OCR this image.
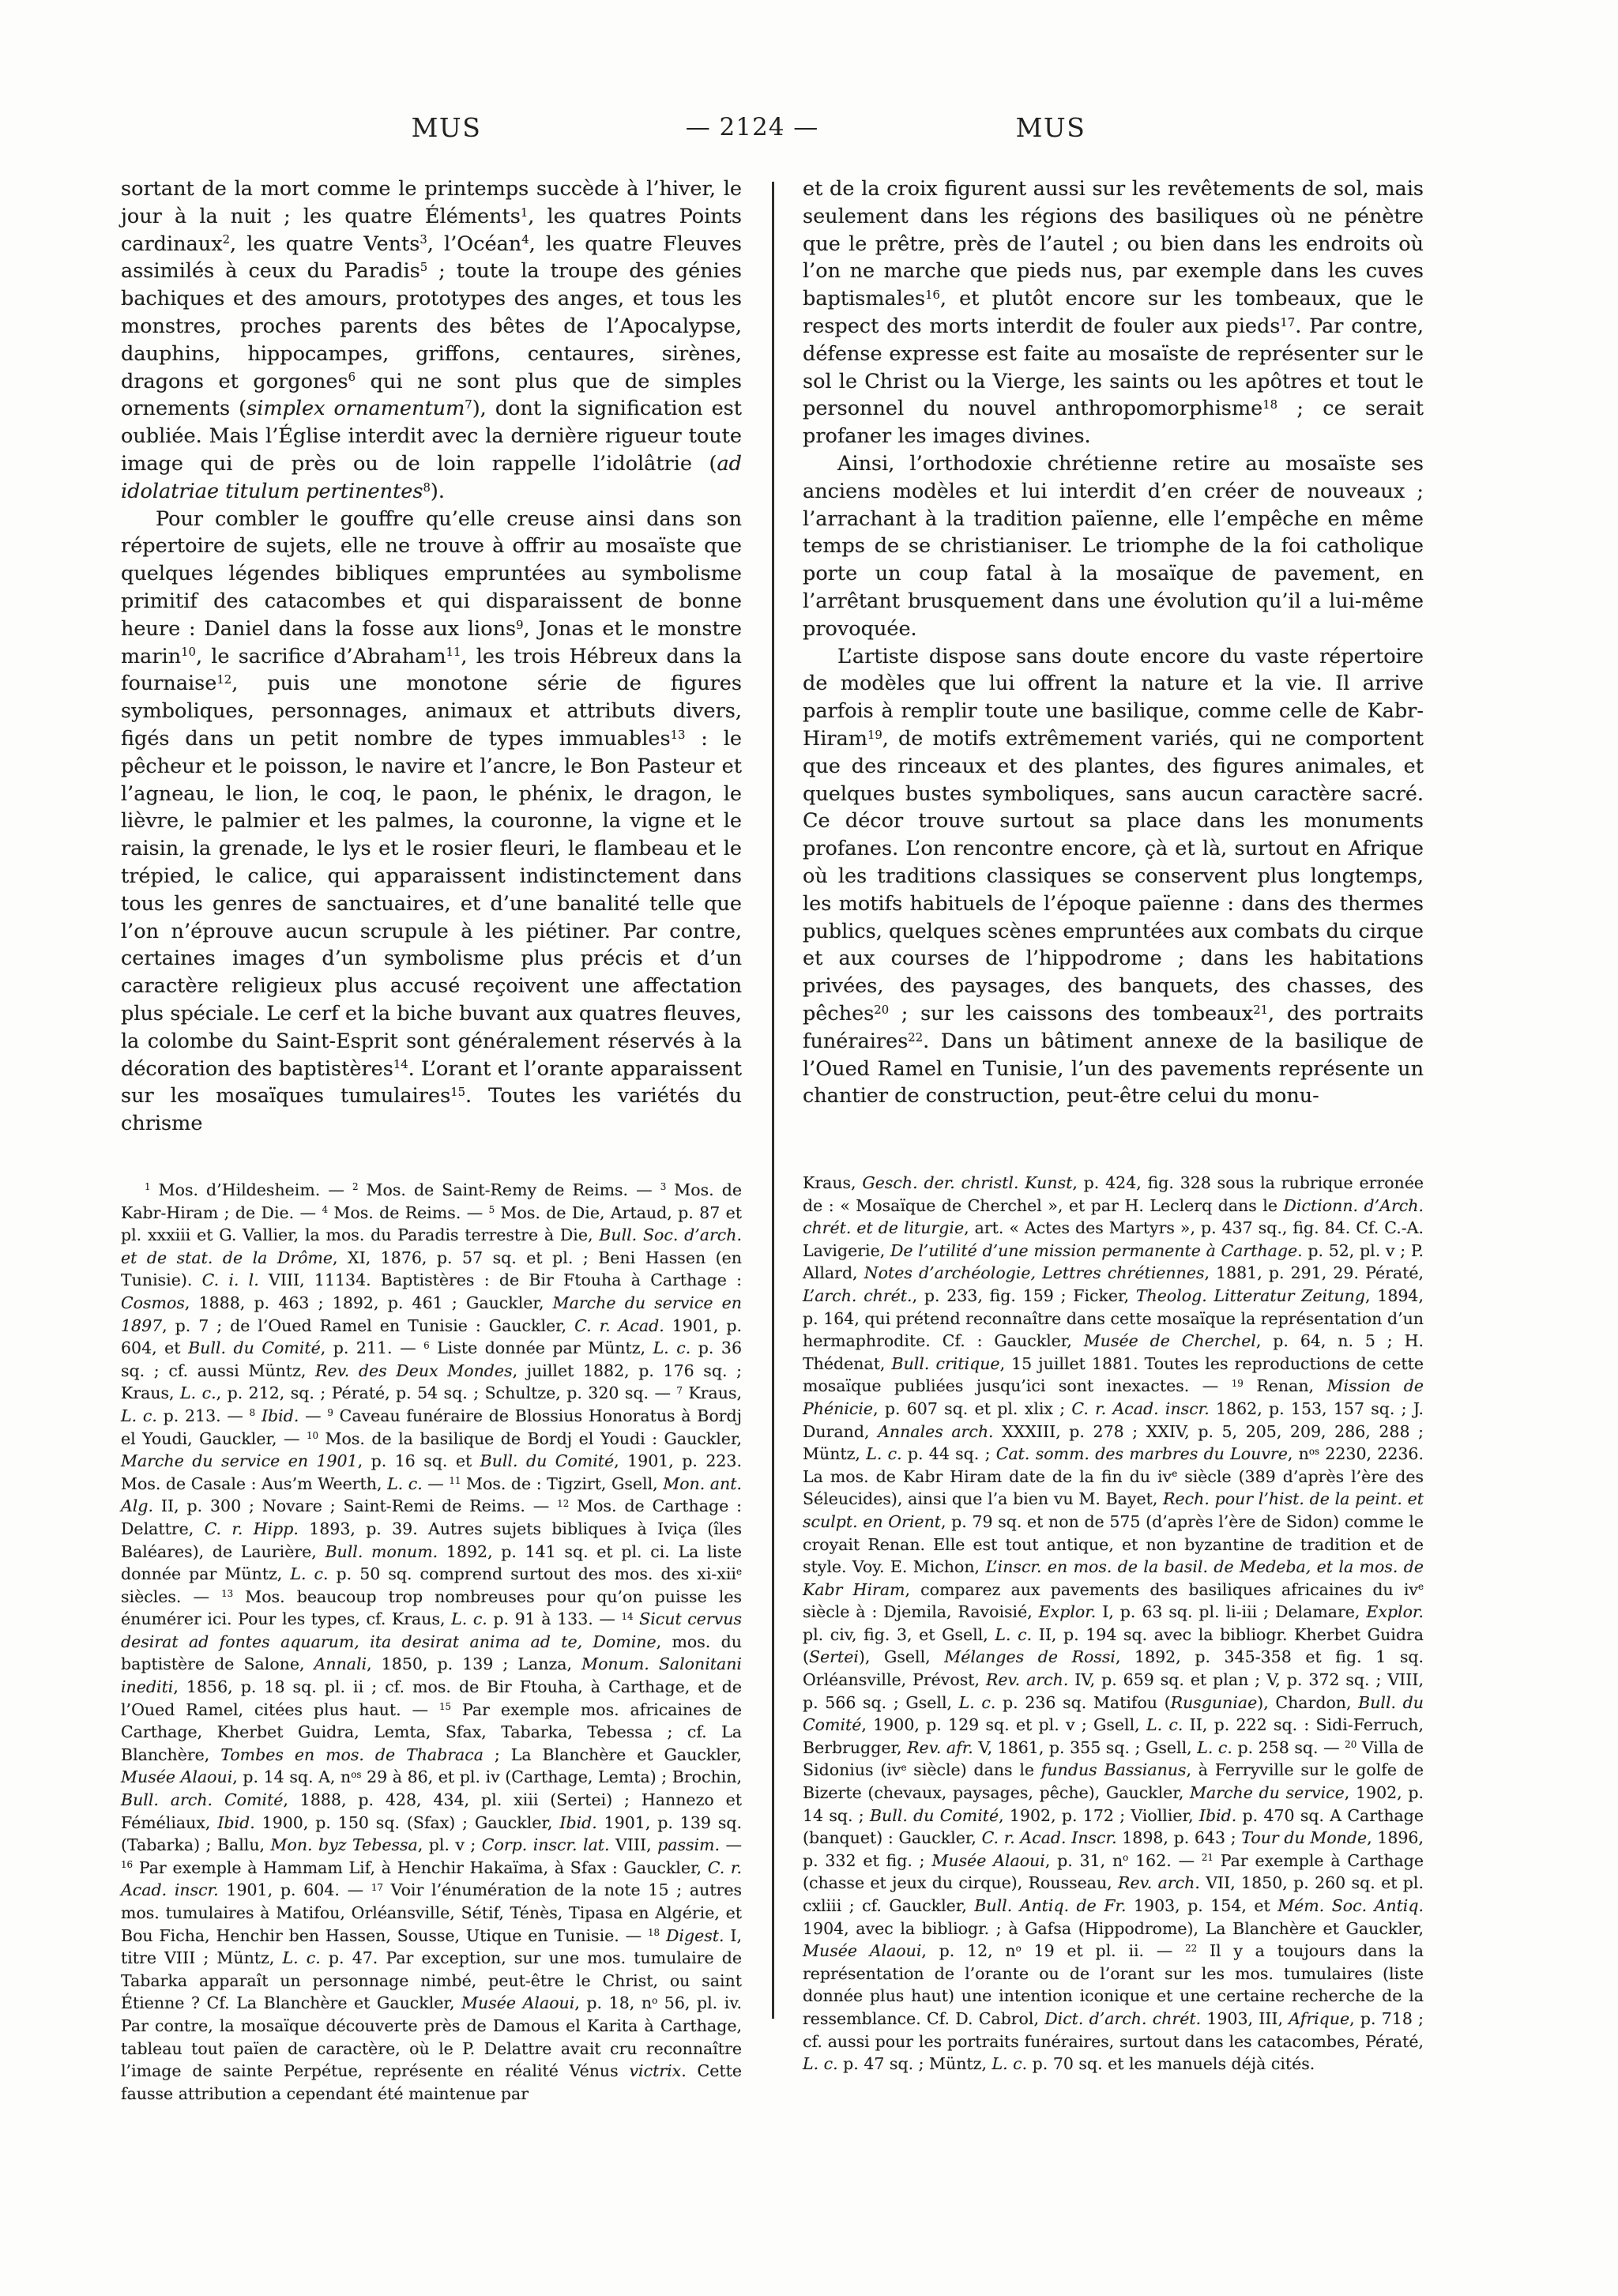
MUS	— 2124 —	MUS

sortant de la mort comme le printemps succède à l’hiver, le jour à la nuit ; les quatre Éléments$^1$, les quatres Points cardinaux$^2$, les quatre Vents$^3$, l’Océan$^4$, les quatre Fleuves assimilés à ceux du Paradis$^5$ ; toute la troupe des génies bachiques et des amours, prototypes des anges, et tous les monstres, proches parents des bêtes de l’Apocalypse, dauphins, hippocampes, griffons, centaures, sirènes, dragons et gorgones$^6$ qui ne sont plus que de simples ornements (simplex ornamentum$^7$), dont la signification est oubliée. Mais l’Église interdit avec la dernière rigueur toute image qui de près ou de loin rappelle l’idolâtrie (ad idolatriae titulum pertinentes$^8$).

Pour combler le gouffre qu’elle creuse ainsi dans son répertoire de sujets, elle ne trouve à offrir au mosaïste que quelques légendes bibliques empruntées au symbolisme primitif des catacombes et qui disparaissent de bonne heure : Daniel dans la fosse aux lions$^9$, Jonas et le monstre marin$^{10}$, le sacrifice d’Abraham$^{11}$, les trois Hébreux dans la fournaise$^{12}$, puis une monotone série de figures symboliques, personnages, animaux et attributs divers, figés dans un petit nombre de types immuables$^{13}$ : le pêcheur et le poisson, le navire et l’ancre, le Bon Pasteur et l’agneau, le lion, le coq, le paon, le phénix, le dragon, le lièvre, le palmier et les palmes, la couronne, la vigne et le raisin, la grenade, le lys et le rosier fleuri, le flambeau et le trépied, le calice, qui apparaissent indistinctement dans tous les genres de sanctuaires, et d’une banalité telle que l’on n’éprouve aucun scrupule à les piétiner. Par contre, certaines images d’un symbolisme plus précis et d’un caractère religieux plus accusé reçoivent une affectation plus spéciale. Le cerf et la biche buvant aux quatres fleuves, la colombe du Saint-Esprit sont généralement réservés à la décoration des baptistères$^{14}$. L’orant et l’orante apparaissent sur les mosaïques tumulaires$^{15}$. Toutes les variétés du chrisme

et de la croix figurent aussi sur les revêtements de sol, mais seulement dans les régions des basiliques où ne pénètre que le prêtre, près de l’autel ; ou bien dans les endroits où l’on ne marche que pieds nus, par exemple dans les cuves baptismales$^{16}$, et plutôt encore sur les tombeaux, que le respect des morts interdit de fouler aux pieds$^{17}$. Par contre, défense expresse est faite au mosaïste de représenter sur le sol le Christ ou la Vierge, les saints ou les apôtres et tout le personnel du nouvel anthropomorphisme$^{18}$ ; ce serait profaner les images divines.

Ainsi, l’orthodoxie chrétienne retire au mosaïste ses anciens modèles et lui interdit d’en créer de nouveaux ; l’arrachant à la tradition païenne, elle l’empêche en même temps de se christianiser. Le triomphe de la foi catholique porte un coup fatal à la mosaïque de pavement, en l’arrêtant brusquement dans une évolution qu’il a lui-même provoquée.

L’artiste dispose sans doute encore du vaste répertoire de modèles que lui offrent la nature et la vie. Il arrive parfois à remplir toute une basilique, comme celle de Kabr-Hiram$^{19}$, de motifs extrêmement variés, qui ne comportent que des rinceaux et des plantes, des figures animales, et quelques bustes symboliques, sans aucun caractère sacré. Ce décor trouve surtout sa place dans les monuments profanes. L’on rencontre encore, çà et là, surtout en Afrique où les traditions classiques se conservent plus longtemps, les motifs habituels de l’époque païenne : dans des thermes publics, quelques scènes empruntées aux combats du cirque et aux courses de l’hippodrome ; dans les habitations privées, des paysages, des banquets, des chasses, des pêches$^{20}$ ; sur les caissons des tombeaux$^{21}$, des portraits funéraires$^{22}$. Dans un bâtiment annexe de la basilique de l’Oued Ramel en Tunisie, l’un des pavements représente un chantier de construction, peut-être celui du monu-

$^1$ Mos. d’Hildesheim. — $^2$ Mos. de Saint-Remy de Reims. — $^3$ Mos. de Kabr-Hiram ; de Die. — $^4$ Mos. de Reims. — $^5$ Mos. de Die, Artaud, p. 87 et pl. xxxiii et G. Vallier, la mos. du Paradis terrestre à Die, Bull. Soc. d’arch. et de stat. de la Drôme, XI, 1876, p. 57 sq. et pl. ; Beni Hassen (en Tunisie). C. i. l. VIII, 11134. Baptistères : de Bir Ftouha à Carthage : Cosmos, 1888, p. 463 ; 1892, p. 461 ; Gauckler, Marche du service en 1897, p. 7 ; de l’Oued Ramel en Tunisie : Gauckler, C. r. Acad. 1901, p. 604, et Bull. du Comité, p. 211. — $^6$ Liste donnée par Müntz, L. c. p. 36 sq. ; cf. aussi Müntz, Rev. des Deux Mondes, juillet 1882, p. 176 sq. ; Kraus, L. c., p. 212, sq. ; Pératé, p. 54 sq. ; Schultze, p. 320 sq. — $^7$ Kraus, L. c. p. 213. — $^8$ Ibid. — $^9$ Caveau funéraire de Blossius Honoratus à Bordj el Youdi, Gauckler, — $^{10}$ Mos. de la basilique de Bordj el Youdi : Gauckler, Marche du service en 1901, p. 16 sq. et Bull. du Comité, 1901, p. 223. Mos. de Casale : Aus’m Weerth, L. c. — $^{11}$ Mos. de : Tigzirt, Gsell, Mon. ant. Alg. II, p. 300 ; Novare ; Saint-Remi de Reims. — $^{12}$ Mos. de Carthage : Delattre, C. r. Hipp. 1893, p. 39. Autres sujets bibliques à Iviça (îles Baléares), de Laurière, Bull. monum. 1892, p. 141 sq. et pl. ci. La liste donnée par Müntz, L. c. p. 50 sq. comprend surtout des mos. des xi-xii$^e$ siècles. — $^{13}$ Mos. beaucoup trop nombreuses pour qu’on puisse les énumérer ici. Pour les types, cf. Kraus, L. c. p. 91 à 133. — $^{14}$ Sicut cervus desirat ad fontes aquarum, ita desirat anima ad te, Domine, mos. du baptistère de Salone, Annali, 1850, p. 139 ; Lanza, Monum. Salonitani inediti, 1856, p. 18 sq. pl. ii ; cf. mos. de Bir Ftouha, à Carthage, et de l’Oued Ramel, citées plus haut. — $^{15}$ Par exemple mos. africaines de Carthage, Kherbet Guidra, Lemta, Sfax, Tabarka, Tebessa ; cf. La Blanchère, Tombes en mos. de Thabraca ; La Blanchère et Gauckler, Musée Alaoui, p. 14 sq. A, $n^{os}$ 29 à 86, et pl. iv (Carthage, Lemta) ; Brochin, Bull. arch. Comité, 1888, p. 428, 434, pl. xiii (Sertei) ; Hannezo et Féméliaux, Ibid. 1900, p. 150 sq. (Sfax) ; Gauckler, Ibid. 1901, p. 139 sq. (Tabarka) ; Ballu, Mon. byz Tebessa, pl. v ; Corp. inscr. lat. VIII, passim. — $^{16}$ Par exemple à Hammam Lif, à Henchir Hakaïma, à Sfax : Gauckler, C. r. Acad. inscr. 1901, p. 604. — $^{17}$ Voir l’énumération de la note 15 ; autres mos. tumulaires à Matifou, Orléansville, Sétif, Ténès, Tipasa en Algérie, et Bou Ficha, Henchir ben Hassen, Sousse, Utique en Tunisie. — $^{18}$ Digest. I, titre VIII ; Müntz, L. c. p. 47. Par exception, sur une mos. tumulaire de Tabarka apparaît un personnage nimbé, peut-être le Christ, ou saint Étienne ? Cf. La Blanchère et Gauckler, Musée Alaoui, p. 18, $n^o$ 56, pl. iv. Par contre, la mosaïque découverte près de Damous el Karita à Carthage, tableau tout païen de caractère, où le P. Delattre avait cru reconnaître l’image de sainte Perpétue, représente en réalité Vénus victrix. Cette fausse attribution a cependant été maintenue par
Kraus, Gesch. der. christl. Kunst, p. 424, fig. 328 sous la rubrique erronée de : « Mosaïque de Cherchel », et par H. Leclerq dans le Dictionn. d’Arch. chrét. et de liturgie, art. « Actes des Martyrs », p. 437 sq., fig. 84. Cf. C.-A. Lavigerie, De l’utilité d’une mission permanente à Carthage. p. 52, pl. v ; P. Allard, Notes d’archéologie, Lettres chrétiennes, 1881, p. 291, 29. Pératé, L’arch. chrét., p. 233, fig. 159 ; Ficker, Theolog. Litteratur Zeitung, 1894, p. 164, qui prétend reconnaître dans cette mosaïque la représentation d’un hermaphrodite. Cf. : Gauckler, Musée de Cherchel, p. 64, n. 5 ; H. Thédenat, Bull. critique, 15 juillet 1881. Toutes les reproductions de cette mosaïque publiées jusqu’ici sont inexactes. — $^{19}$ Renan, Mission de Phénicie, p. 607 sq. et pl. xlix ; C. r. Acad. inscr. 1862, p. 153, 157 sq. ; J. Durand, Annales arch. XXXIII, p. 278 ; XXIV, p. 5, 205, 209, 286, 288 ; Müntz, L. c. p. 44 sq. ; Cat. somm. des marbres du Louvre, $n^{os}$ 2230, 2236. La mos. de Kabr Hiram date de la fin du $iv^e$ siècle (389 d’après l’ère des Séleucides), ainsi que l’a bien vu M. Bayet, Rech. pour l’hist. de la peint. et sculpt. en Orient, p. 79 sq. et non de 575 (d’après l’ère de Sidon) comme le croyait Renan. Elle est tout antique, et non byzantine de tradition et de style. Voy. E. Michon, L’inscr. en mos. de la basil. de Medeba, et la mos. de Kabr Hiram, comparez aux pavements des basiliques africaines du $iv^e$ siècle à : Djemila, Ravoisié, Explor. I, p. 63 sq. pl. li-iii ; Delamare, Explor. pl. civ, fig. 3, et Gsell, L. c. II, p. 194 sq. avec la bibliogr. Kherbet Guidra (Sertei), Gsell, Mélanges de Rossi, 1892, p. 345-358 et fig. 1 sq. Orléansville, Prévost, Rev. arch. IV, p. 659 sq. et plan ; V, p. 372 sq. ; VIII, p. 566 sq. ; Gsell, L. c. p. 236 sq. Matifou (Rusguniae), Chardon, Bull. du Comité, 1900, p. 129 sq. et pl. v ; Gsell, L. c. II, p. 222 sq. : Sidi-Ferruch, Berbrugger, Rev. afr. V, 1861, p. 355 sq. ; Gsell, L. c. p. 258 sq. — $^{20}$ Villa de Sidonius ($iv^e$ siècle) dans le fundus Bassianus, à Ferryville sur le golfe de Bizerte (chevaux, paysages, pêche), Gauckler, Marche du service, 1902, p. 14 sq. ; Bull. du Comité, 1902, p. 172 ; Viollier, Ibid. p. 470 sq. A Carthage (banquet) : Gauckler, C. r. Acad. Inscr. 1898, p. 643 ; Tour du Monde, 1896, p. 332 et fig. ; Musée Alaoui, p. 31, $n^o$ 162. — $^{21}$ Par exemple à Carthage (chasse et jeux du cirque), Rousseau, Rev. arch. VII, 1850, p. 260 sq. et pl. cxliii ; cf. Gauckler, Bull. Antiq. de Fr. 1903, p. 154, et Mém. Soc. Antiq. 1904, avec la bibliogr. ; à Gafsa (Hippodrome), La Blanchère et Gauckler, Musée Alaoui, p. 12, $n^o$ 19 et pl. ii. — $^{22}$ Il y a toujours dans la représentation de l’orante ou de l’orant sur les mos. tumulaires (liste donnée plus haut) une intention iconique et une certaine recherche de la ressemblance. Cf. D. Cabrol, Dict. d’arch. chrét. 1903, III, Afrique, p. 718 ; cf. aussi pour les portraits funéraires, surtout dans les catacombes, Pératé, L. c. p. 47 sq. ; Müntz, L. c. p. 70 sq. et les manuels déjà cités.
